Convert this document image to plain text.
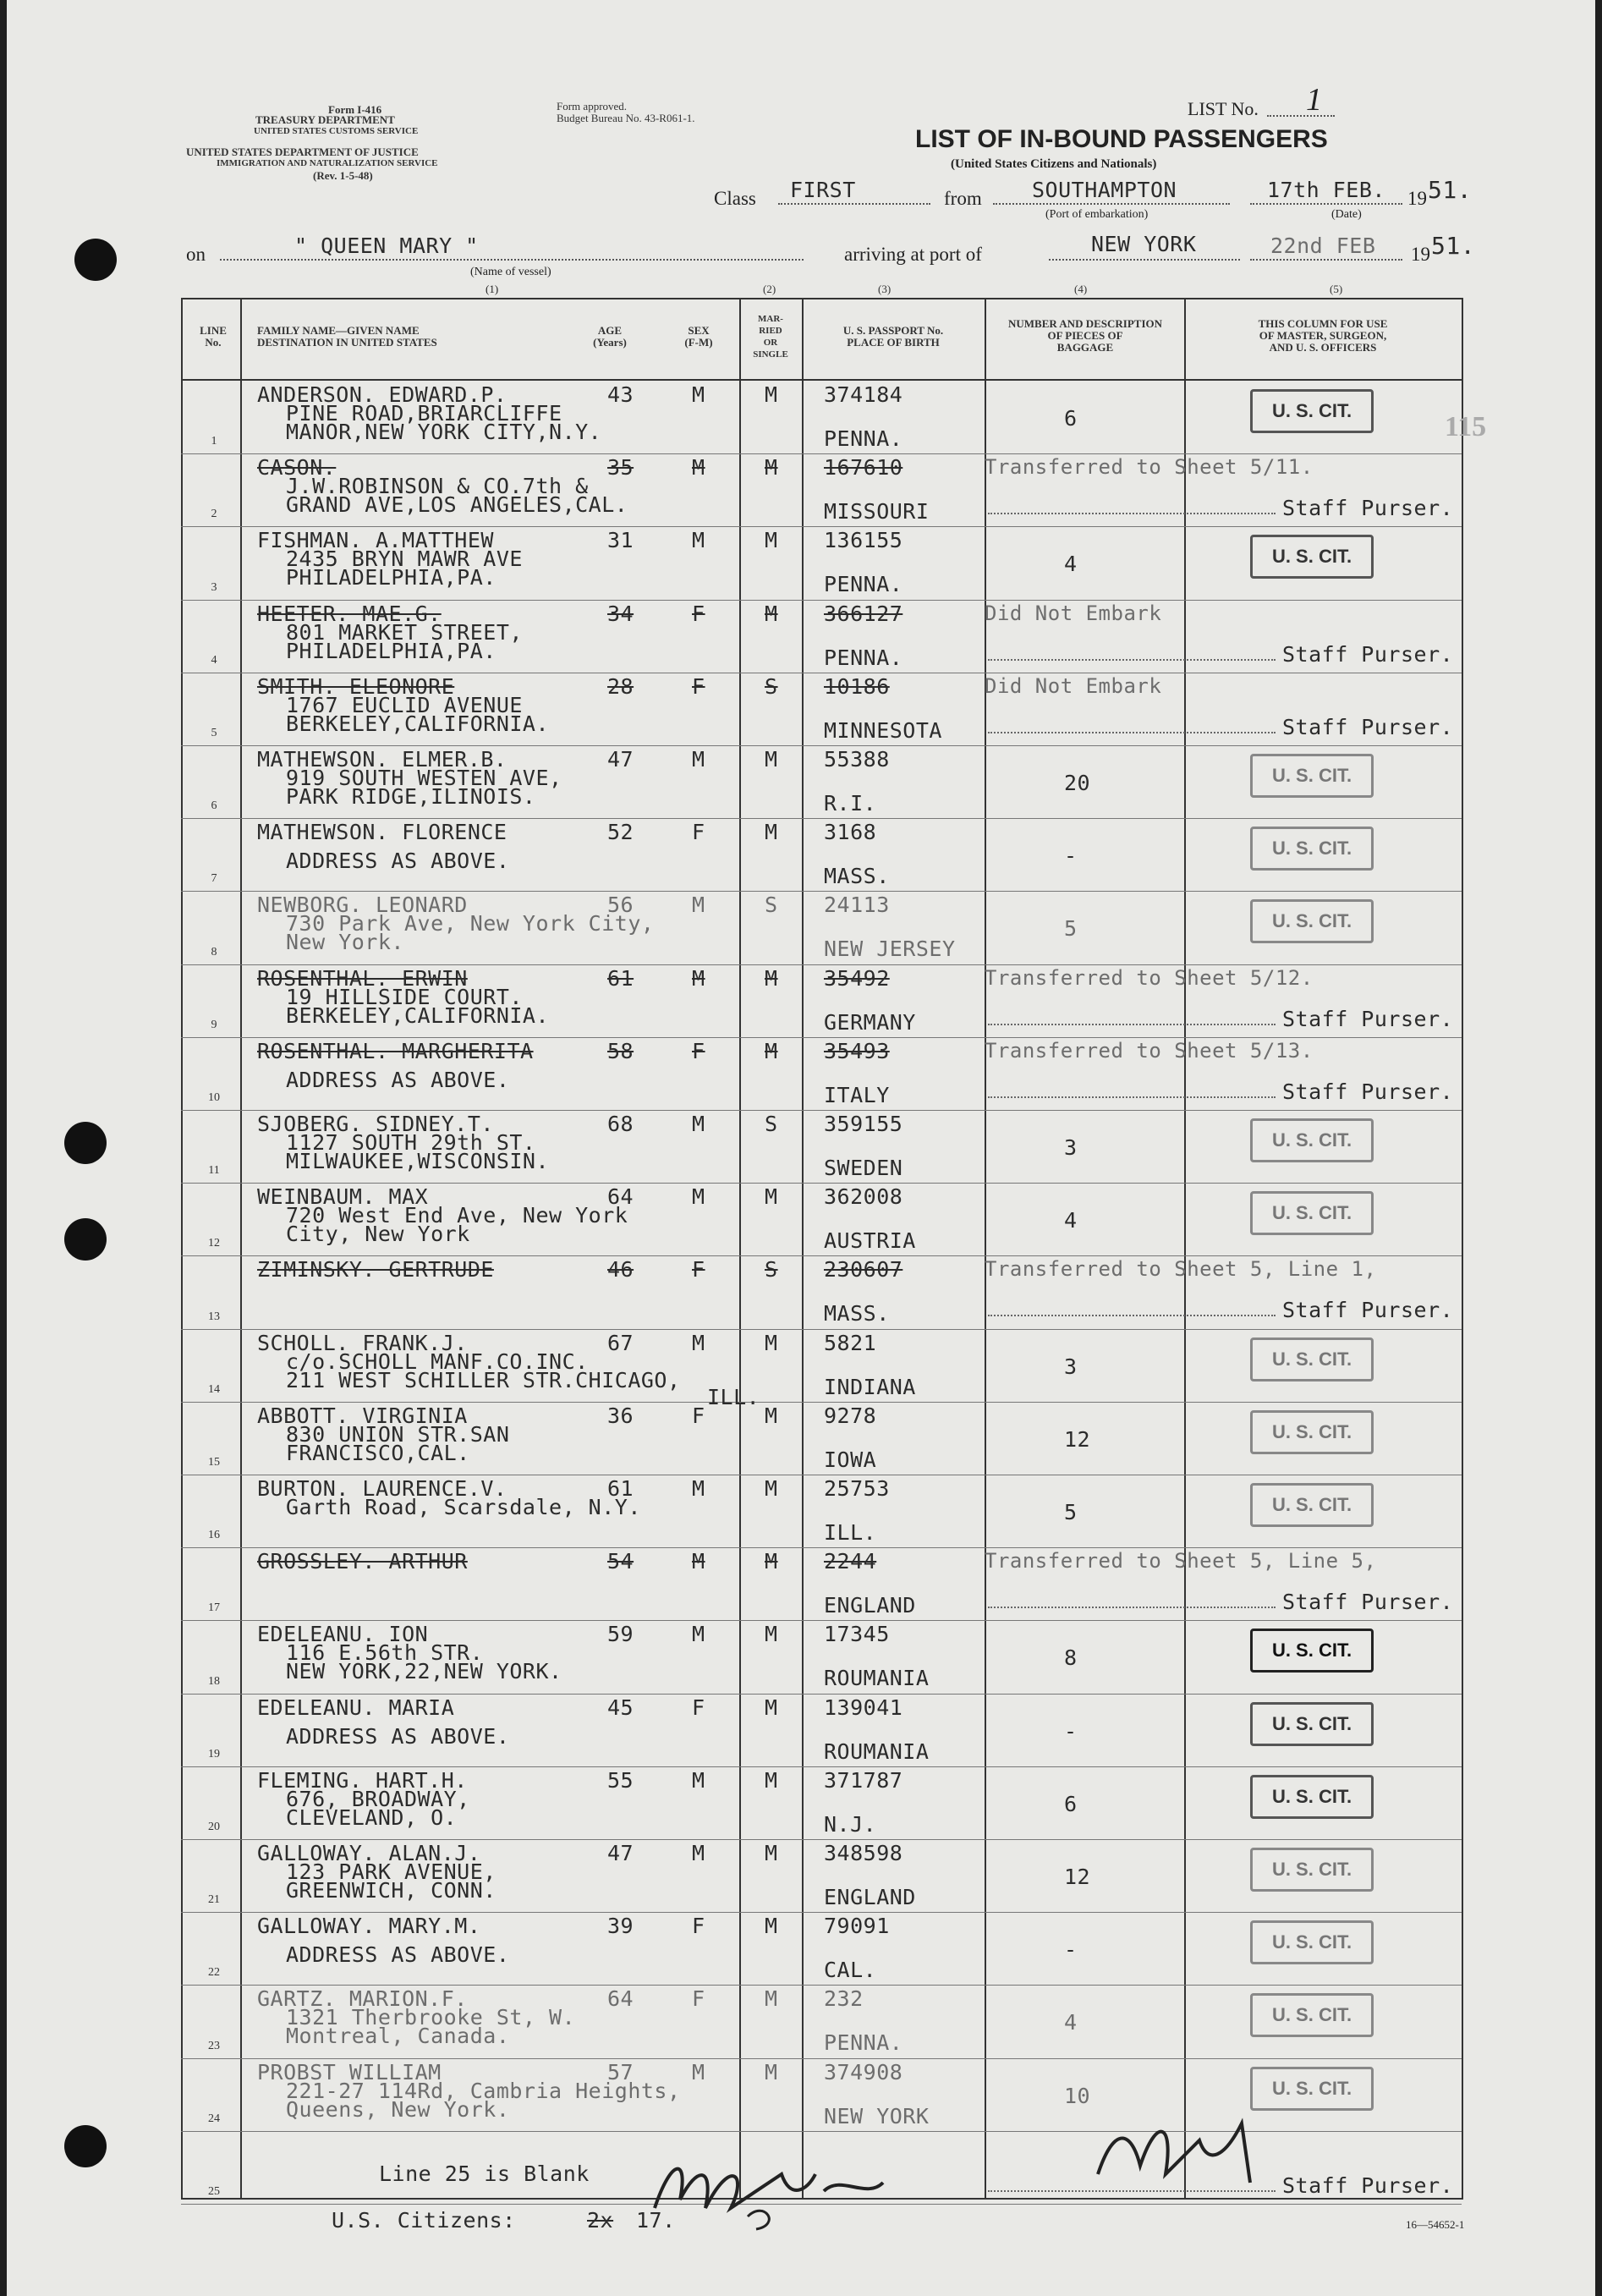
Form I-416
TREASURY DEPARTMENT
UNITED STATES CUSTOMS SERVICE
UNITED STATES DEPARTMENT OF JUSTICE
IMMIGRATION AND NATURALIZATION SERVICE
(Rev. 1-5-48)
Form approved.
Budget Bureau No. 43-R061-1.	LIST No. 1
LIST OF IN-BOUND PASSENGERS
(United States Citizens and Nationals)
Class FIRST	from SOUTHAMPTON
(Port of embarkation)
17th FEB. 19 51.
(Date)
on	" QUEEN MARY "
(Name of vessel)
(1)
arriving at port of	NEW YORK	22nd FEB 19 51.
(2)	(3)	(4)	(5)
LINE No.
FAMILY NAME—GIVEN NAME
DESTINATION IN UNITED STATES
AGE
(Years)
SEX
(F-M)
MAR-
RIED
OR
SINGLE
U. S. PASSPORT No.
PLACE OF BIRTH
NUMBER AND DESCRIPTION
OF PIECES OF
BAGGAGE
THIS COLUMN FOR USE
OF MASTER, SURGEON,
AND U. S. OFFICERS
1
ANDERSON. EDWARD.P.	43	M	M
PINE ROAD,BRIARCLIFFE
MANOR,NEW YORK CITY,N.Y.
374184
PENNA.
6	U. S. CIT.
2
CASON.	35	M	M
J.W.ROBINSON & CO.7th &
GRAND AVE,LOS ANGELES,CAL.
167610
MISSOURI
Transferred to Sheet 5/11.
Staff Purser.
3
FISHMAN. A.MATTHEW	31	M	M
2435 BRYN MAWR AVE
PHILADELPHIA,PA.
136155
PENNA.
4	U. S. CIT.
4
HEETER. MAE.G.	34	F	M
801 MARKET STREET,
PHILADELPHIA,PA.
366127
PENNA.
Did Not Embark
Staff Purser.
5
SMITH. ELEONORE	28	F	S
1767 EUCLID AVENUE
BERKELEY,CALIFORNIA.
10186
MINNESOTA
Did Not Embark
Staff Purser.
6
MATHEWSON. ELMER.B.	47	M	M
919 SOUTH WESTEN AVE,
PARK RIDGE,ILINOIS.
55388
R.I.
20	U. S. CIT.
7
MATHEWSON. FLORENCE	52	F	M
ADDRESS AS ABOVE.
3168
MASS.
-	U. S. CIT.
8
NEWBORG. LEONARD	56	M	S
730 Park Ave, New York City,
New York.
24113
NEW JERSEY
5	U. S. CIT.
9
ROSENTHAL. ERWIN	61	M	M
19 HILLSIDE COURT.
BERKELEY,CALIFORNIA.
35492
GERMANY
Transferred to Sheet 5/12.
Staff Purser.
10
ROSENTHAL. MARGHERITA	58	F	M
ADDRESS AS ABOVE.
35493
ITALY
Transferred to Sheet 5/13.
Staff Purser.
11
SJOBERG. SIDNEY.T.	68	M	S
1127 SOUTH 29th ST.
MILWAUKEE,WISCONSIN.
359155
SWEDEN
3	U. S. CIT.
12
WEINBAUM. MAX	64	M	M
720 West End Ave, New York
City, New York
362008
AUSTRIA
4	U. S. CIT.
13
ZIMINSKY. GERTRUDE	46	F	S 230607
MASS.
Transferred to Sheet 5, Line 1,
Staff Purser.
14
SCHOLL. FRANK.J.	67	M	M
c/o.SCHOLL MANF.CO.INC.
211 WEST SCHILLER STR.CHICAGO,
ILL.
5821
INDIANA
3	U. S. CIT.
15
ABBOTT. VIRGINIA	36	F	M
830 UNION STR.SAN
FRANCISCO,CAL.
9278
IOWA
12	U. S. CIT.
16
BURTON. LAURENCE.V.	61	M	M
Garth Road, Scarsdale, N.Y.
25753
ILL.
5	U. S. CIT.
17
GROSSLEY. ARTHUR	54	M	M 2244
ENGLAND
Transferred to Sheet 5, Line 5,
Staff Purser.
18
EDELEANU. ION	59	M	M
116 E.56th STR.
NEW YORK,22,NEW YORK.
17345
ROUMANIA
8	U. S. CIT.
19
EDELEANU. MARIA	45	F	M
ADDRESS AS ABOVE.
139041
ROUMANIA
-	U. S. CIT.
20
FLEMING. HART.H.	55	M	M
676, BROADWAY,
CLEVELAND, O.
371787
N.J.
6	U. S. CIT.
21
GALLOWAY. ALAN.J.	47	M	M
123 PARK AVENUE,
GREENWICH, CONN.
348598
ENGLAND
12	U. S. CIT.
22
GALLOWAY. MARY.M.	39	F	M
ADDRESS AS ABOVE.
79091
CAL.
-	U. S. CIT.
23
GARTZ. MARION.F.	64	F	M
1321 Therbrooke St, W.
Montreal, Canada.
232
PENNA.
4	U. S. CIT.
24
PROBST WILLIAM	57	M	M
221-27 114Rd, Cambria Heights,
Queens, New York.
374908
NEW YORK
10	U. S. CIT.
25
Line 25 is Blank	Staff Purser.
115
U.S. Citizens:	2x 17.	16—54652-1
